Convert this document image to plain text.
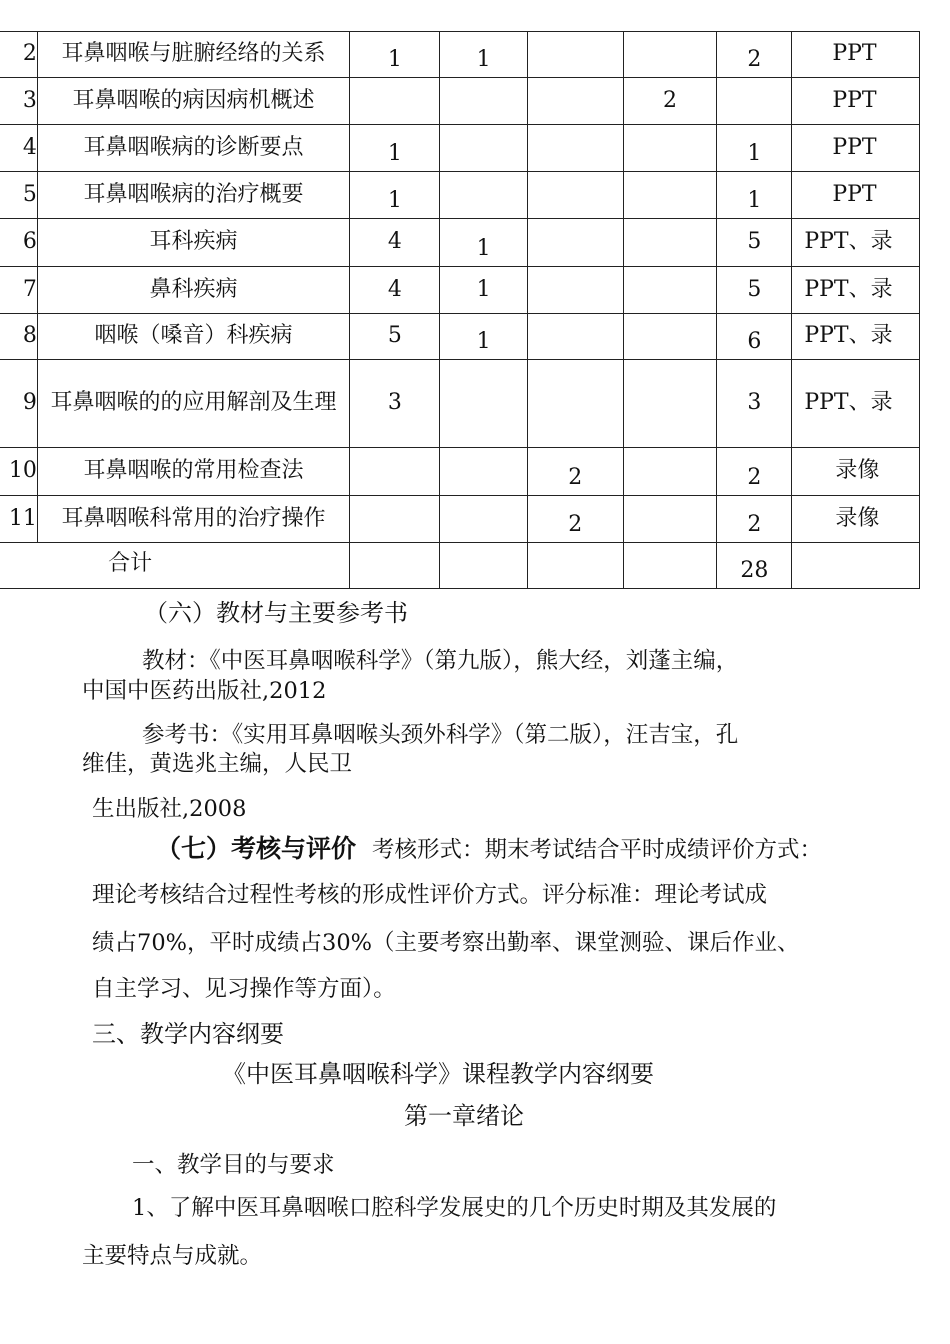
2	耳鼻咽喉与脏腑经络的关系	1	1			2	PPT
3	耳鼻咽喉的病因病机概述				2		PPT
4	耳鼻咽喉病的诊断要点	1				1	PPT
5	耳鼻咽喉病的治疗概要	1				1	PPT
6	耳科疾病	4	1			5	PPT、录
7	鼻科疾病	4	1			5	PPT、录
8	咽喉（嗓音）科疾病	5	1			6	PPT、录
9	耳鼻咽喉的的应用解剖及生理	3				3	PPT、录
10	耳鼻咽喉的常用检查法			2		2	录像
11	耳鼻咽喉科常用的治疗操作			2		2	录像
合计						28	

（六）教材与主要参考书

教材：《中医耳鼻咽喉科学》（第九版），熊大经，刘蓬主编，

中国中医药出版社,2012

参考书：《实用耳鼻咽喉头颈外科学》（第二版），汪吉宝，孔

维佳，黄选兆主编，人民卫

生出版社,2008

（七）考核与评价 考核形式：期末考试结合平时成绩评价方式：

理论考核结合过程性考核的形成性评价方式。评分标准：理论考试成

绩占70%，平时成绩占30%（主要考察出勤率、课堂测验、课后作业、

自主学习、见习操作等方面）。

三、教学内容纲要

《中医耳鼻咽喉科学》课程教学内容纲要

第一章绪论

一、教学目的与要求

1、了解中医耳鼻咽喉口腔科学发展史的几个历史时期及其发展的

主要特点与成就。
